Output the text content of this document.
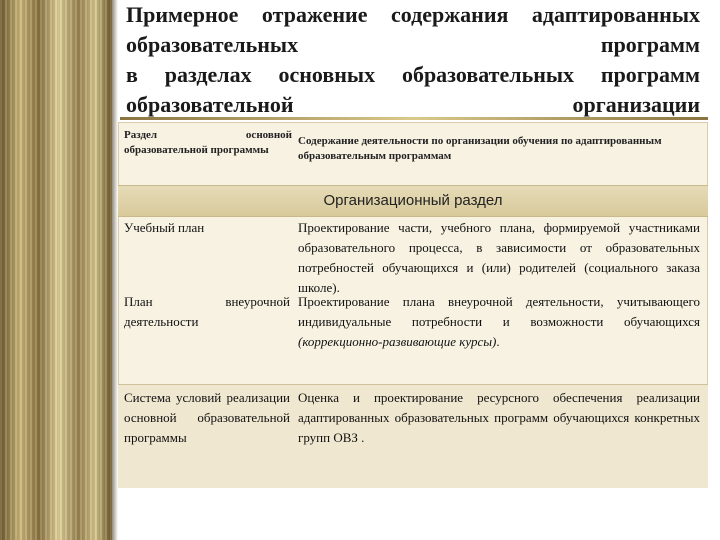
Примерное отражение содержания адаптированных
образовательных программ
в разделах основных образовательных программ
образовательной организации
Раздел основной образовательной программы
Содержание деятельности по организации обучения по адаптированным образовательным программам
Организационный раздел
Учебный план	Проектирование части, учебного плана, формируемой участниками образовательного процесса, в зависимости от образовательных потребностей обучающихся и (или) родителей (социального заказа школе).
План внеурочной деятельности
Проектирование плана внеурочной деятельности, учитывающего индивидуальные потребности и возможности обучающихся (коррекционно-развивающие курсы).
Система условий реализации основной образовательной программы
Оценка и проектирование ресурсного обеспечения реализации адаптированных образовательных программ обучающихся конкретных групп ОВЗ .
